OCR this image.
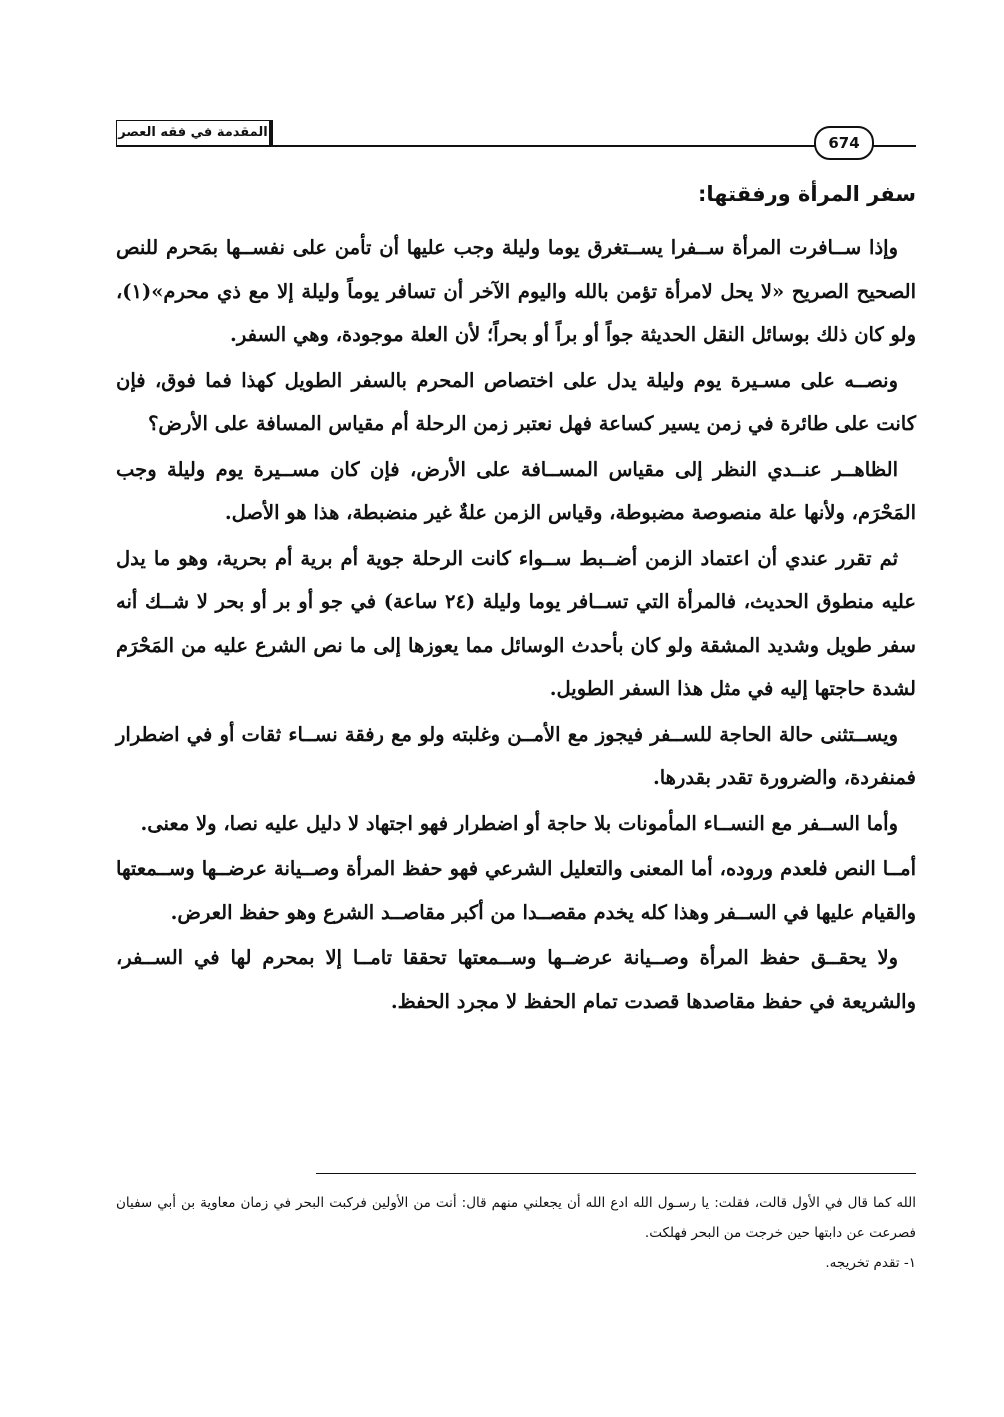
المقدمة في فقه العصر
674
سفر المرأة ورفقتها:

وإذا ســافرت المرأة ســفرا يســتغرق يوما وليلة وجب عليها أن تأمن على نفســها بمَحرم للنص الصحيح الصريح «لا يحل لامرأة تؤمن بالله واليوم الآخر أن تسافر يوماً وليلة إلا مع ذي محرم»(١)، ولو كان ذلك بوسائل النقل الحديثة جواً أو براً أو بحراً؛ لأن العلة موجودة، وهي السفر.

ونصــه على مسـيرة يوم وليلة يدل على اختصاص المحرم بالسفر الطويل كهذا فما فوق، فإن كانت على طائرة في زمن يسير كساعة فهل نعتبر زمن الرحلة أم مقياس المسافة على الأرض؟

الظاهــر عنــدي النظر إلى مقياس المســافة على الأرض، فإن كان مســيرة يوم وليلة وجب المَحْرَم، ولأنها علة منصوصة مضبوطة، وقياس الزمن علةٌ غير منضبطة، هذا هو الأصل.

ثم تقرر عندي أن اعتماد الزمن أضــبط ســواء كانت الرحلة جوية أم برية أم بحرية، وهو ما يدل عليه منطوق الحديث، فالمرأة التي تســافر يوما وليلة (٢٤ ساعة) في جو أو بر أو بحر لا شــك أنه سفر طويل وشديد المشقة ولو كان بأحدث الوسائل مما يعوزها إلى ما نص الشرع عليه من المَحْرَم لشدة حاجتها إليه في مثل هذا السفر الطويل.

ويســتثنى حالة الحاجة للســفر فيجوز مع الأمــن وغلبته ولو مع رفقة نســاء ثقات أو في اضطرار فمنفردة، والضرورة تقدر بقدرها.

وأما الســفر مع النســاء المأمونات بلا حاجة أو اضطرار فهو اجتهاد لا دليل عليه نصا، ولا معنى.

أمــا النص فلعدم وروده، أما المعنى والتعليل الشرعي فهو حفظ المرأة وصــيانة عرضــها وســمعتها والقيام عليها في الســفر وهذا كله يخدم مقصــدا من أكبر مقاصــد الشرع وهو حفظ العرض.

ولا يحقــق حفظ المرأة وصــيانة عرضــها وســمعتها تحققا تامــا إلا بمحرم لها في الســفر، والشريعة في حفظ مقاصدها قصدت تمام الحفظ لا مجرد الحفظ.

الله كما قال في الأول قالت، فقلت: يا رسـول الله ادع الله أن يجعلني منهم قال: أنت من الأولين فركبت البحر في زمان معاوية بن أبي سفيان فصرعت عن دابتها حين خرجت من البحر فهلكت.

١- تقدم تخريجه.
